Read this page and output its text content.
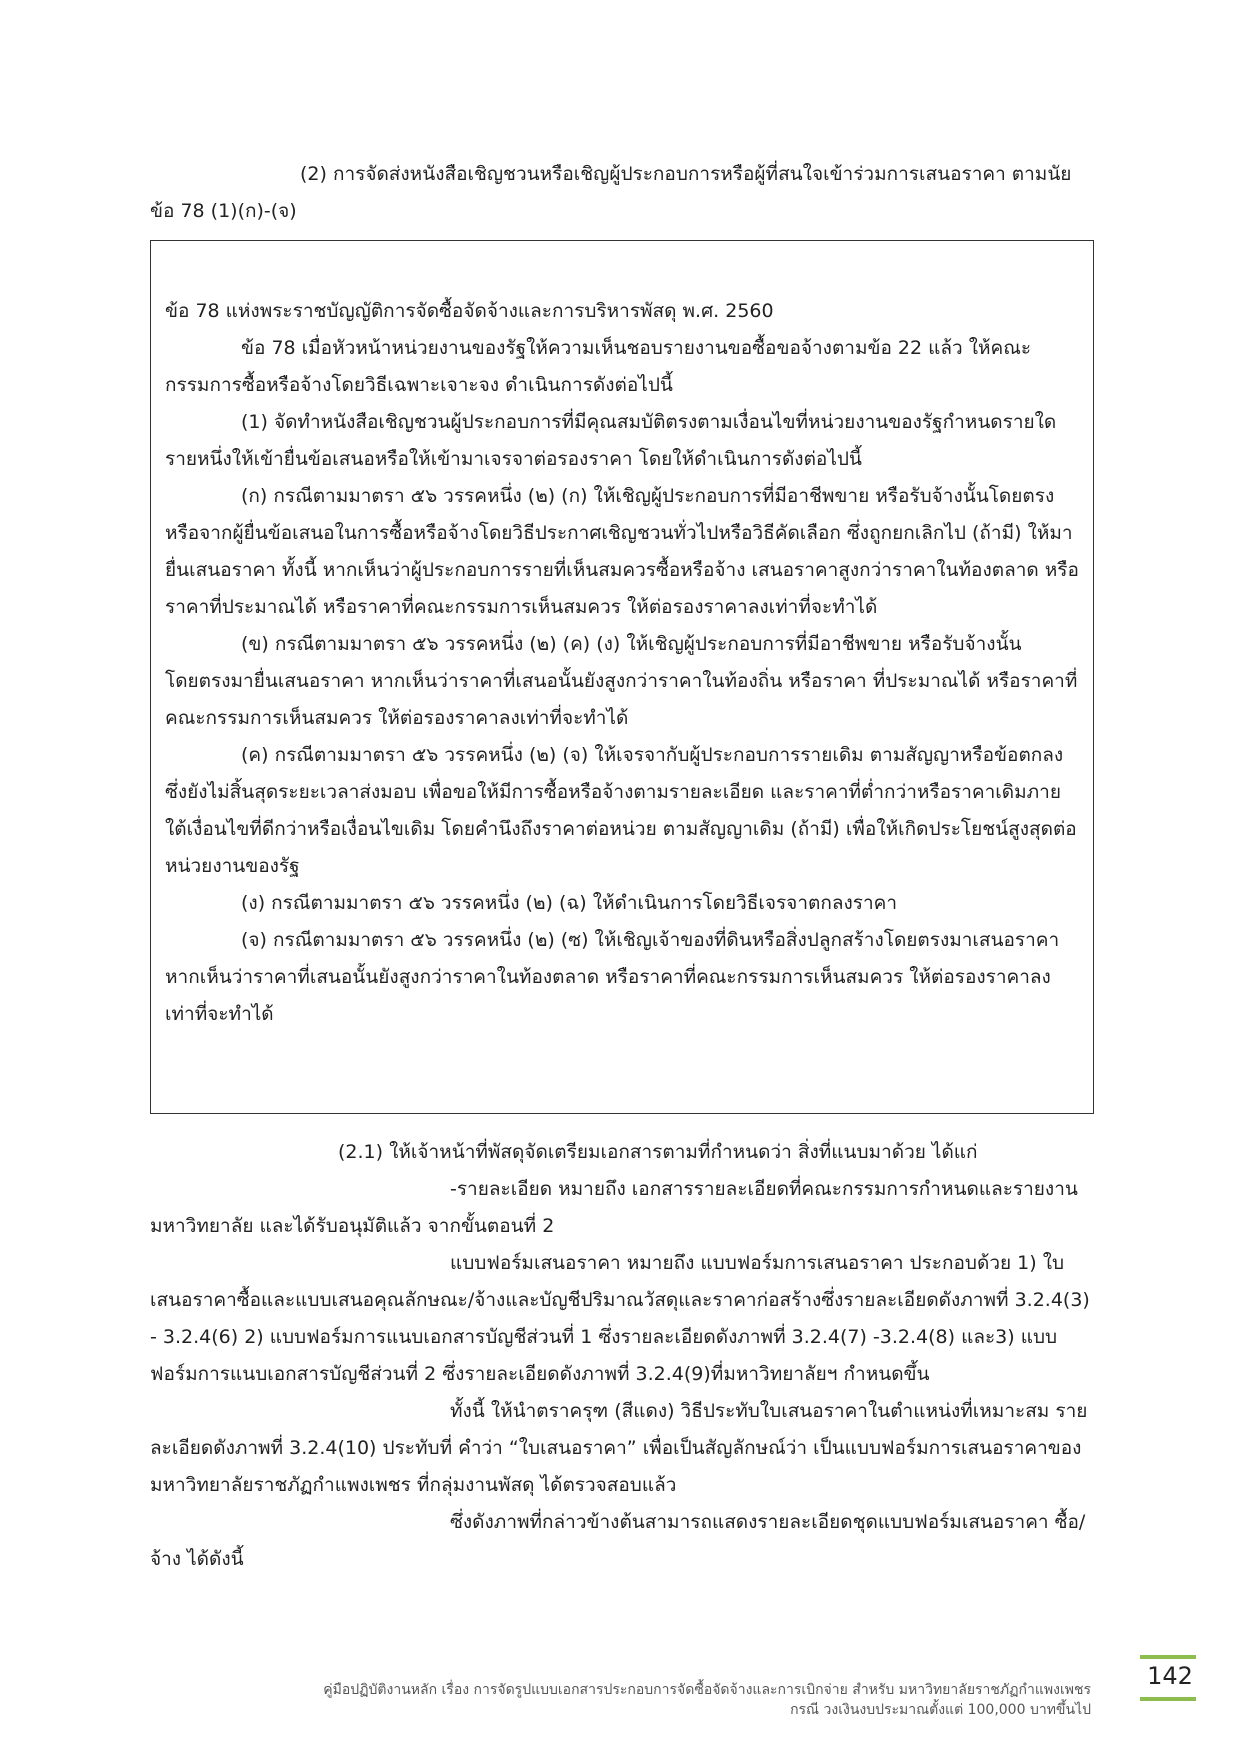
(2) การจัดส่งหนังสือเชิญชวนหรือเชิญผู้ประกอบการหรือผู้ที่สนใจเข้าร่วมการเสนอราคา ตามนัยข้อ 78 (1)(ก)-(จ)

ข้อ 78 แห่งพระราชบัญญัติการจัดซื้อจัดจ้างและการบริหารพัสดุ พ.ศ. 2560

ข้อ 78 เมื่อหัวหน้าหน่วยงานของรัฐให้ความเห็นชอบรายงานขอซื้อขอจ้างตามข้อ 22 แล้ว ให้คณะกรรมการซื้อหรือจ้างโดยวิธีเฉพาะเจาะจง ดำเนินการดังต่อไปนี้

(1) จัดทำหนังสือเชิญชวนผู้ประกอบการที่มีคุณสมบัติตรงตามเงื่อนไขที่หน่วยงานของรัฐกำหนดรายใดรายหนึ่งให้เข้ายื่นข้อเสนอหรือให้เข้ามาเจรจาต่อรองราคา โดยให้ดำเนินการดังต่อไปนี้

(ก) กรณีตามมาตรา ๕๖ วรรคหนึ่ง (๒) (ก) ให้เชิญผู้ประกอบการที่มีอาชีพขาย หรือรับจ้างนั้นโดยตรงหรือจากผู้ยื่นข้อเสนอในการซื้อหรือจ้างโดยวิธีประกาศเชิญชวนทั่วไปหรือวิธีคัดเลือก ซึ่งถูกยกเลิกไป (ถ้ามี) ให้มายื่นเสนอราคา ทั้งนี้ หากเห็นว่าผู้ประกอบการรายที่เห็นสมควรซื้อหรือจ้าง เสนอราคาสูงกว่าราคาในท้องตลาด หรือราคาที่ประมาณได้ หรือราคาที่คณะกรรมการเห็นสมควร ให้ต่อรองราคาลงเท่าที่จะทำได้

(ข) กรณีตามมาตรา ๕๖ วรรคหนึ่ง (๒) (ค) (ง) ให้เชิญผู้ประกอบการที่มีอาชีพขาย หรือรับจ้างนั้นโดยตรงมายื่นเสนอราคา หากเห็นว่าราคาที่เสนอนั้นยังสูงกว่าราคาในท้องถิ่น หรือราคา ที่ประมาณได้ หรือราคาที่คณะกรรมการเห็นสมควร ให้ต่อรองราคาลงเท่าที่จะทำได้

(ค) กรณีตามมาตรา ๕๖ วรรคหนึ่ง (๒) (จ) ให้เจรจากับผู้ประกอบการรายเดิม ตามสัญญาหรือข้อตกลงซึ่งยังไม่สิ้นสุดระยะเวลาส่งมอบ เพื่อขอให้มีการซื้อหรือจ้างตามรายละเอียด และราคาที่ต่ำกว่าหรือราคาเดิมภายใต้เงื่อนไขที่ดีกว่าหรือเงื่อนไขเดิม โดยคำนึงถึงราคาต่อหน่วย ตามสัญญาเดิม (ถ้ามี) เพื่อให้เกิดประโยชน์สูงสุดต่อหน่วยงานของรัฐ

(ง) กรณีตามมาตรา ๕๖ วรรคหนึ่ง (๒) (ฉ) ให้ดำเนินการโดยวิธีเจรจาตกลงราคา

(จ) กรณีตามมาตรา ๕๖ วรรคหนึ่ง (๒) (ซ) ให้เชิญเจ้าของที่ดินหรือสิ่งปลูกสร้างโดยตรงมาเสนอราคา หากเห็นว่าราคาที่เสนอนั้นยังสูงกว่าราคาในท้องตลาด หรือราคาที่คณะกรรมการเห็นสมควร ให้ต่อรองราคาลงเท่าที่จะทำได้

(2.1) ให้เจ้าหน้าที่พัสดุจัดเตรียมเอกสารตามที่กำหนดว่า สิ่งที่แนบมาด้วย ได้แก่

-รายละเอียด หมายถึง เอกสารรายละเอียดที่คณะกรรมการกำหนดและรายงานมหาวิทยาลัย และได้รับอนุมัติแล้ว จากขั้นตอนที่ 2

แบบฟอร์มเสนอราคา หมายถึง แบบฟอร์มการเสนอราคา ประกอบด้วย 1) ใบเสนอราคาซื้อและแบบเสนอคุณลักษณะ/จ้างและบัญชีปริมาณวัสดุและราคาก่อสร้างซึ่งรายละเอียดดังภาพที่ 3.2.4(3) - 3.2.4(6) 2) แบบฟอร์มการแนบเอกสารบัญชีส่วนที่ 1 ซึ่งรายละเอียดดังภาพที่ 3.2.4(7) -3.2.4(8) และ3) แบบฟอร์มการแนบเอกสารบัญชีส่วนที่ 2 ซึ่งรายละเอียดดังภาพที่ 3.2.4(9)ที่มหาวิทยาลัยฯ กำหนดขึ้น

ทั้งนี้ ให้นำตราครุฑ (สีแดง) วิธีประทับใบเสนอราคาในตำแหน่งที่เหมาะสม รายละเอียดดังภาพที่ 3.2.4(10) ประทับที่ คำว่า “ใบเสนอราคา” เพื่อเป็นสัญลักษณ์ว่า เป็นแบบฟอร์มการเสนอราคาของมหาวิทยาลัยราชภัฏกำแพงเพชร ที่กลุ่มงานพัสดุ ได้ตรวจสอบแล้ว

ซึ่งดังภาพที่กล่าวข้างต้นสามารถแสดงรายละเอียดชุดแบบฟอร์มเสนอราคา ซื้อ/จ้าง ได้ดังนี้

142
คู่มือปฏิบัติงานหลัก เรื่อง การจัดรูปแบบเอกสารประกอบการจัดซื้อจัดจ้างและการเบิกจ่าย สำหรับ มหาวิทยาลัยราชภัฏกำแพงเพชร
กรณี วงเงินงบประมาณตั้งแต่ 100,000 บาทขึ้นไป
